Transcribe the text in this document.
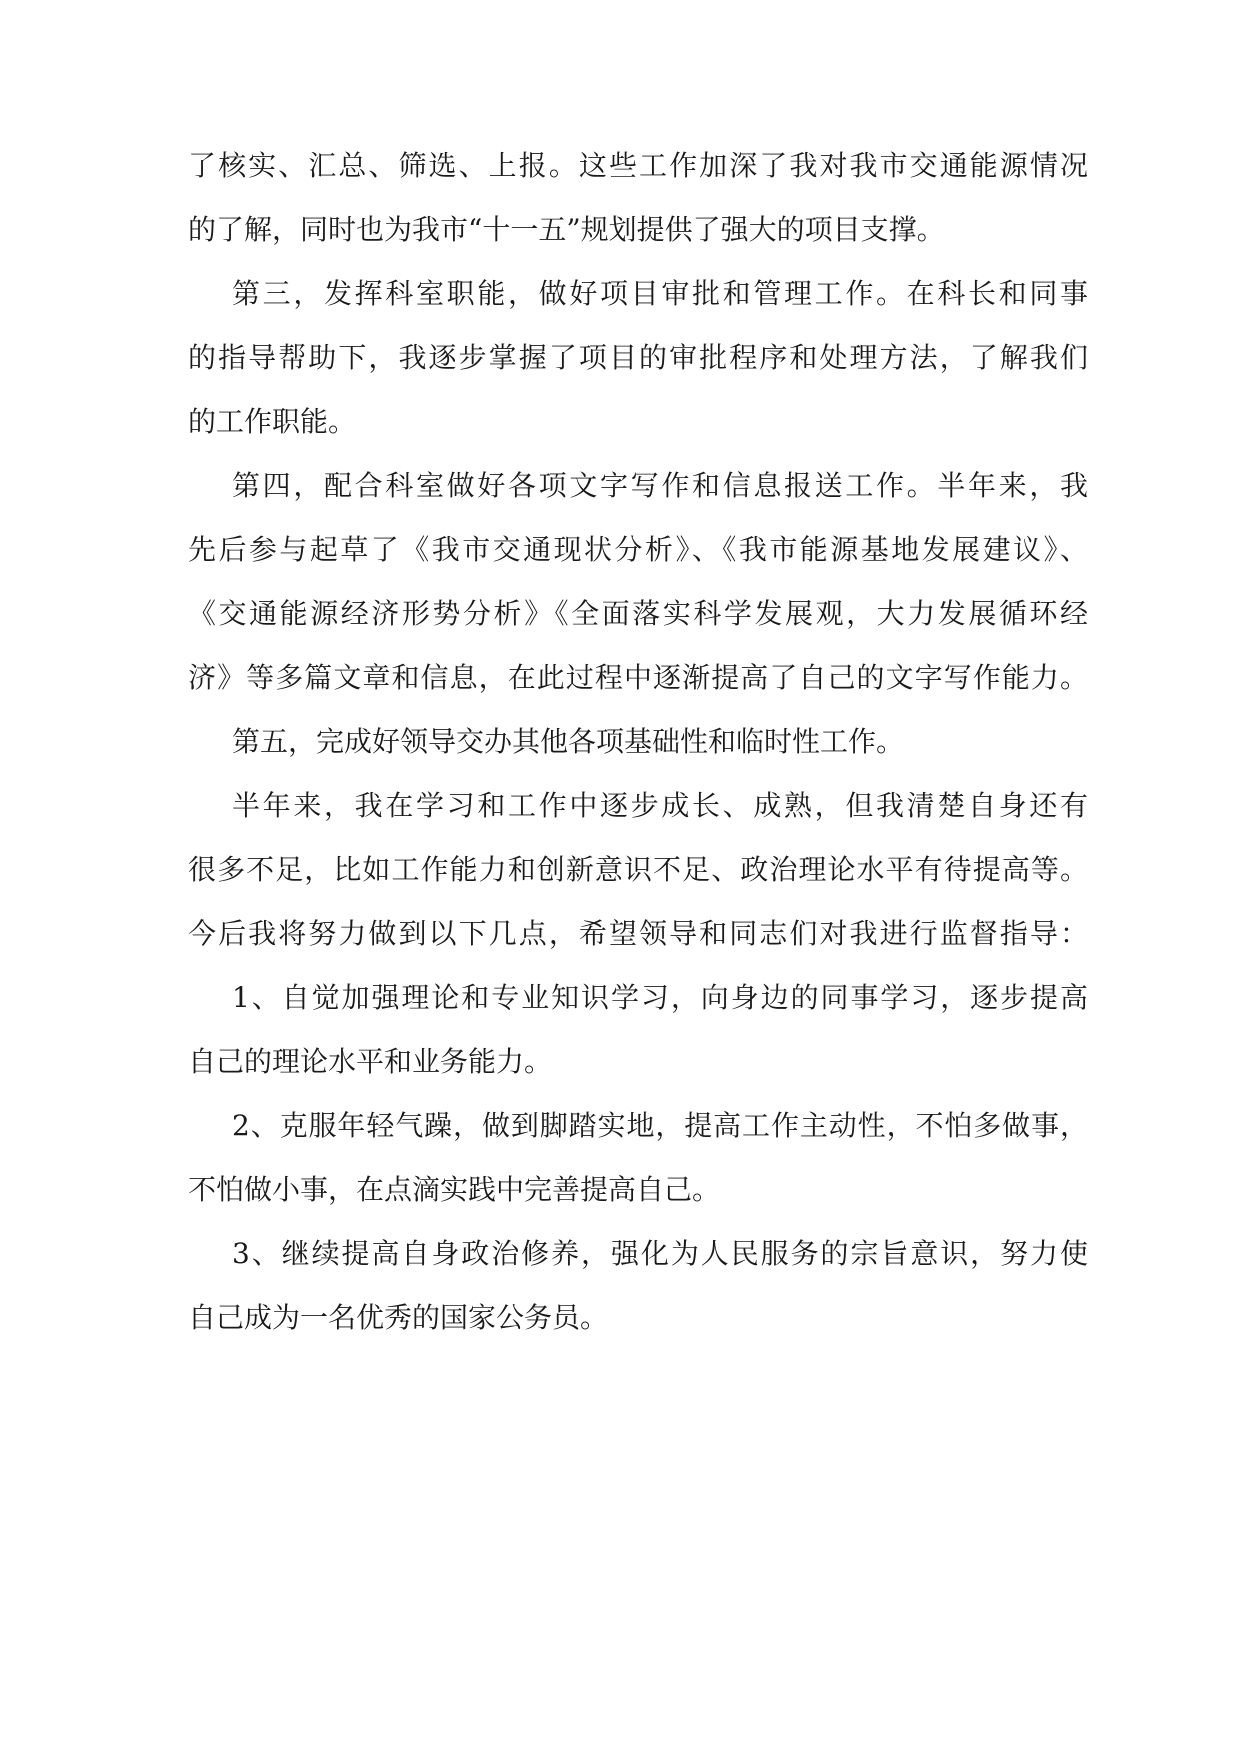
了核实、汇总、筛选、上报。这些工作加深了我对我市交通能源情况

的了解，同时也为我市“十一五”规划提供了强大的项目支撑。

第三，发挥科室职能，做好项目审批和管理工作。在科长和同事

的指导帮助下，我逐步掌握了项目的审批程序和处理方法，了解我们

的工作职能。

第四，配合科室做好各项文字写作和信息报送工作。半年来，我

先后参与起草了《我市交通现状分析》、《我市能源基地发展建议》、

《交通能源经济形势分析》《全面落实科学发展观，大力发展循环经

济》等多篇文章和信息，在此过程中逐渐提高了自己的文字写作能力。

第五，完成好领导交办其他各项基础性和临时性工作。

半年来，我在学习和工作中逐步成长、成熟，但我清楚自身还有

很多不足，比如工作能力和创新意识不足、政治理论水平有待提高等。

今后我将努力做到以下几点，希望领导和同志们对我进行监督指导：

1、自觉加强理论和专业知识学习，向身边的同事学习，逐步提高

自己的理论水平和业务能力。

2、克服年轻气躁，做到脚踏实地，提高工作主动性，不怕多做事，

不怕做小事，在点滴实践中完善提高自己。

3、继续提高自身政治修养，强化为人民服务的宗旨意识，努力使

自己成为一名优秀的国家公务员。
